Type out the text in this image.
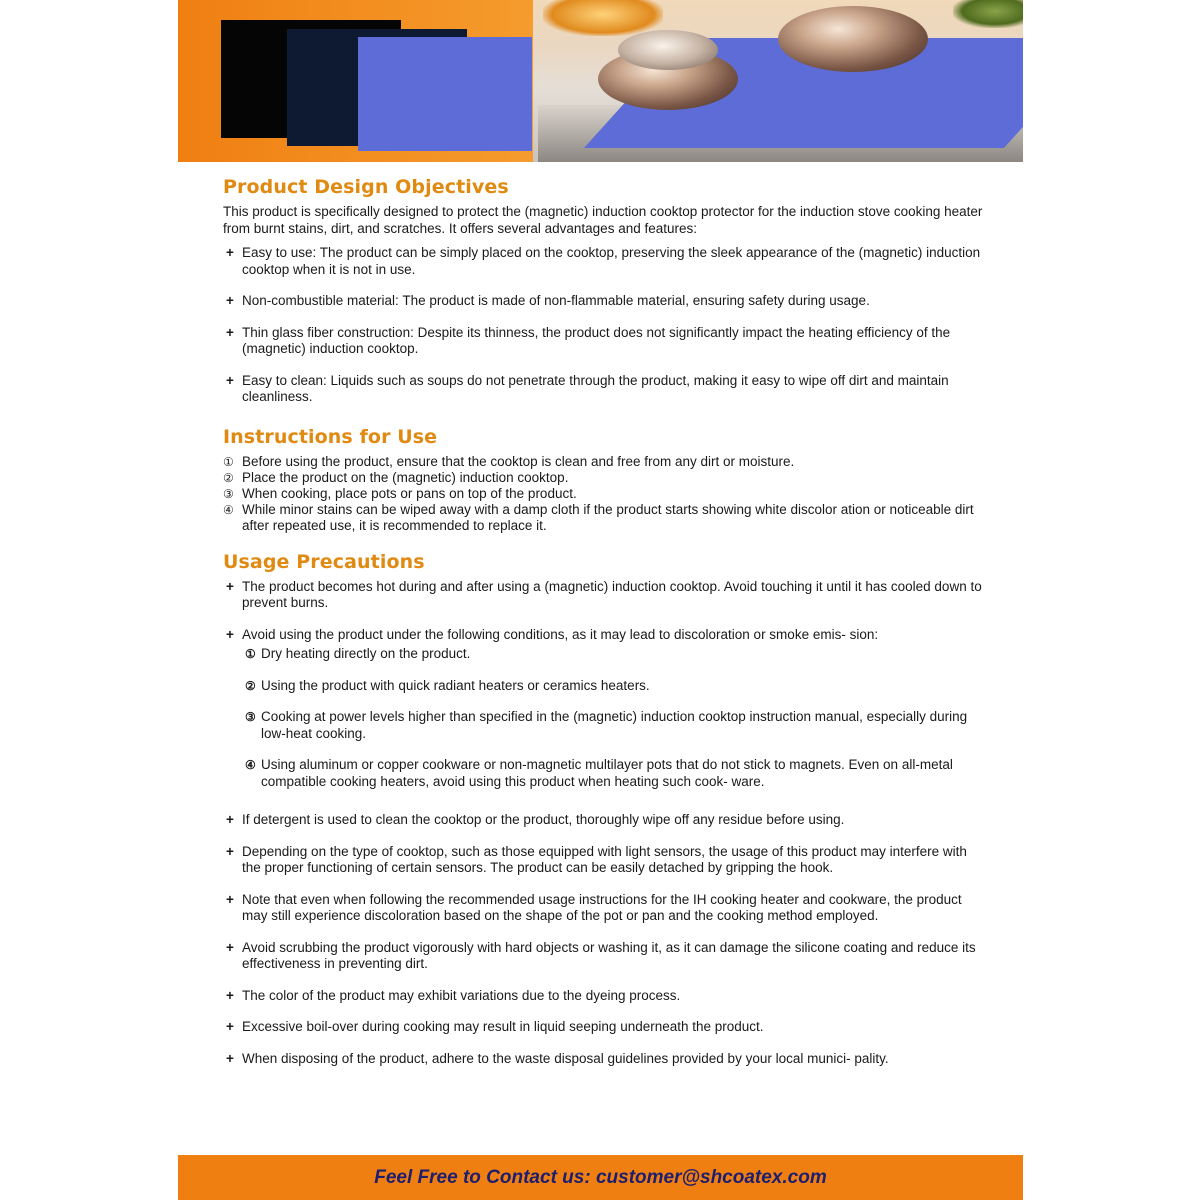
Product Design Objectives

This product is specifically designed to protect the (magnetic) induction cooktop protector for the induction stove cooking heater from burnt stains, dirt, and scratches. It offers several advantages and features:

+ Easy to use: The product can be simply placed on the cooktop, preserving the sleek appearance of the (magnetic) induction cooktop when it is not in use.
+ Non-combustible material: The product is made of non-flammable material, ensuring safety during usage.
+ Thin glass fiber construction: Despite its thinness, the product does not significantly impact the heating efficiency of the (magnetic) induction cooktop.
+ Easy to clean: Liquids such as soups do not penetrate through the product, making it easy to wipe off dirt and maintain cleanliness.
Instructions for Use
① Before using the product, ensure that the cooktop is clean and free from any dirt or moisture.
② Place the product on the (magnetic) induction cooktop.
③ When cooking, place pots or pans on top of the product.
④ While minor stains can be wiped away with a damp cloth if the product starts showing white discolor ation or noticeable dirt after repeated use, it is recommended to replace it.
Usage Precautions
+ The product becomes hot during and after using a (magnetic) induction cooktop. Avoid touching it until it has cooled down to prevent burns.
+ Avoid using the product under the following conditions, as it may lead to discoloration or smoke emis- sion:
① Dry heating directly on the product.
② Using the product with quick radiant heaters or ceramics heaters.
③ Cooking at power levels higher than specified in the (magnetic) induction cooktop instruction manual, especially during low-heat cooking.
④ Using aluminum or copper cookware or non-magnetic multilayer pots that do not stick to magnets. Even on all-metal compatible cooking heaters, avoid using this product when heating such cook- ware.
+ If detergent is used to clean the cooktop or the product, thoroughly wipe off any residue before using.
+ Depending on the type of cooktop, such as those equipped with light sensors, the usage of this product may interfere with the proper functioning of certain sensors. The product can be easily detached by gripping the hook.
+ Note that even when following the recommended usage instructions for the IH cooking heater and cookware, the product may still experience discoloration based on the shape of the pot or pan and the cooking method employed.
+ Avoid scrubbing the product vigorously with hard objects or washing it, as it can damage the silicone coating and reduce its effectiveness in preventing dirt.
+ The color of the product may exhibit variations due to the dyeing process.
+ Excessive boil-over during cooking may result in liquid seeping underneath the product.
+ When disposing of the product, adhere to the waste disposal guidelines provided by your local munici- pality.
Feel Free to Contact us: customer@shcoatex.com
